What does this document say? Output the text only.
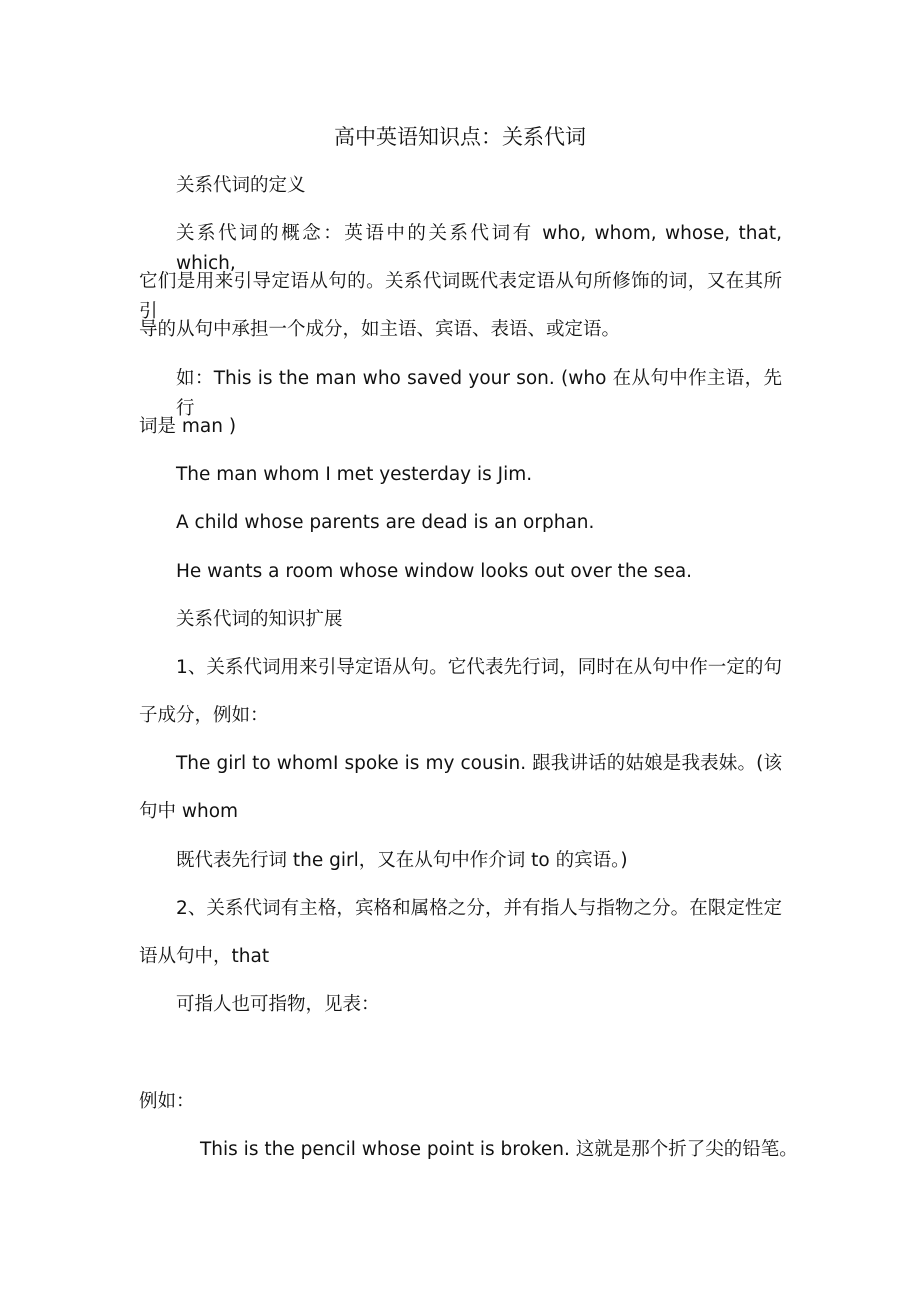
高中英语知识点：关系代词
关系代词的定义
关系代词的概念：英语中的关系代词有 who, whom, whose, that, which,
它们是用来引导定语从句的。关系代词既代表定语从句所修饰的词，又在其所引
导的从句中承担一个成分，如主语、宾语、表语、或定语。
如：This is the man who saved your son. (who 在从句中作主语，先行
词是 man )
The man whom I met yesterday is Jim.
A child whose parents are dead is an orphan.
He wants a room whose window looks out over the sea.
关系代词的知识扩展
1、关系代词用来引导定语从句。它代表先行词，同时在从句中作一定的句
子成分，例如：
The girl to whomI spoke is my cousin. 跟我讲话的姑娘是我表妹。(该
句中 whom
既代表先行词 the girl，又在从句中作介词 to 的宾语。)
2、关系代词有主格，宾格和属格之分，并有指人与指物之分。在限定性定
语从句中，that
可指人也可指物，见表：
例如：
This is the pencil whose point is broken. 这就是那个折了尖的铅笔。
